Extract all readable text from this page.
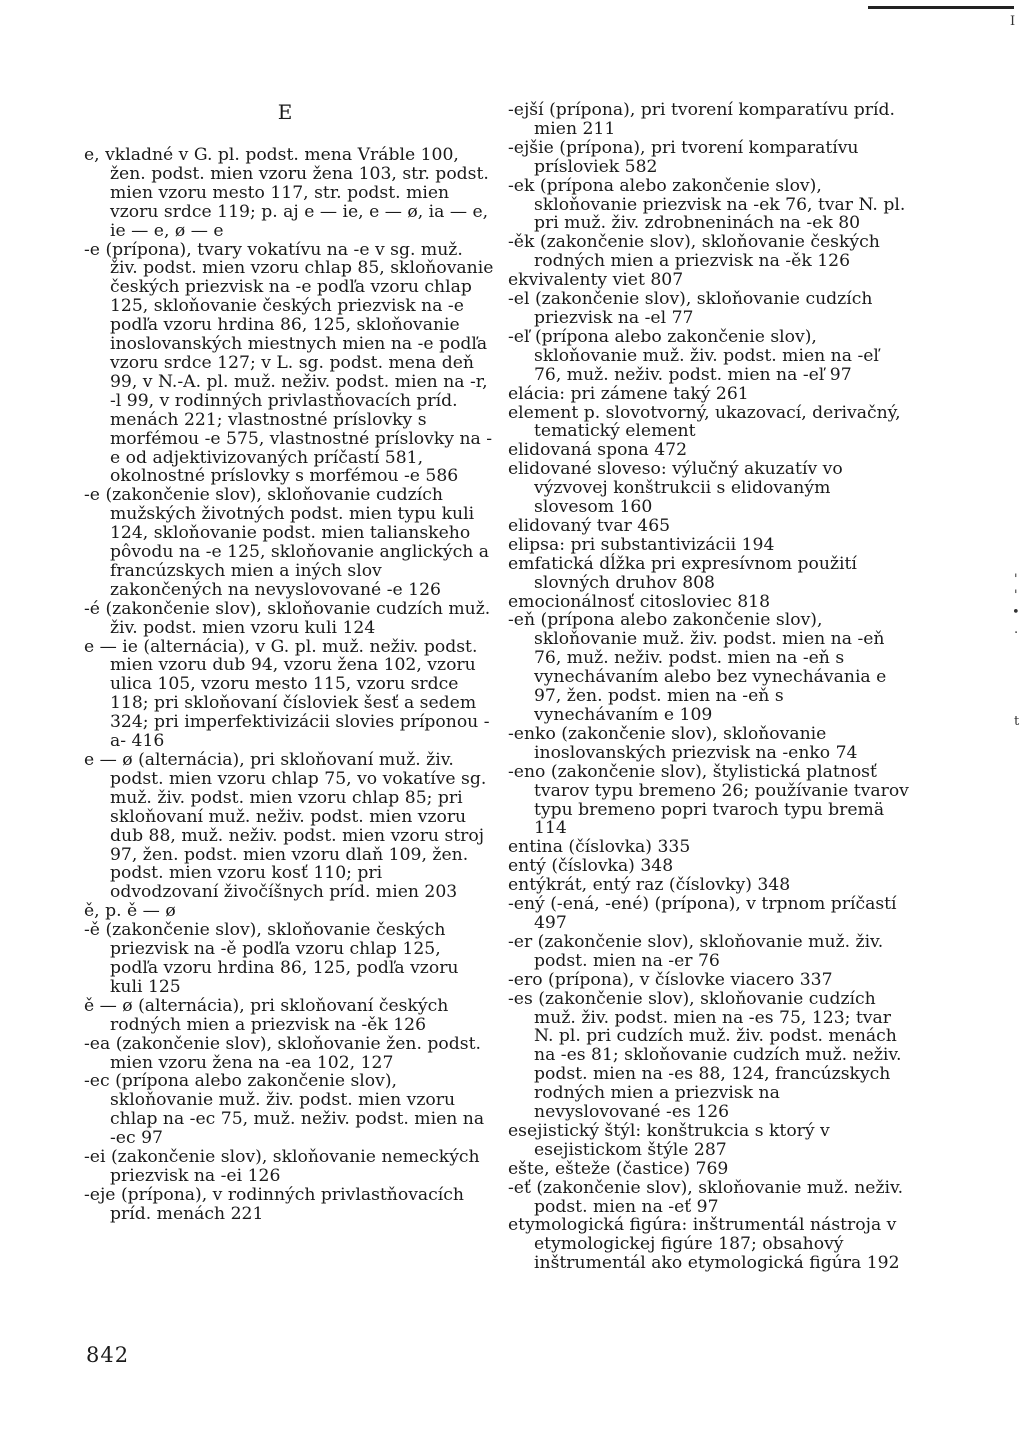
I
'
'
•
.
t
E

e, vkladné v G. pl. podst. mena Vráble 100, žen. podst. mien vzoru žena 103, str. podst. mien vzoru mesto 117, str. podst. mien vzoru srdce 119; p. aj e — ie, e — ø, ia — e, ie — e, ø — e

-e (prípona), tvary vokatívu na -e v sg. muž. živ. podst. mien vzoru chlap 85, skloňovanie českých priezvisk na -e podľa vzoru chlap 125, skloňovanie českých priezvisk na -e podľa vzoru hrdina 86, 125, skloňovanie inoslovanských miestnych mien na -e podľa vzoru srdce 127; v L. sg. podst. mena deň 99, v N.-A. pl. muž. neživ. podst. mien na -r, -l 99, v rodinných privlastňovacích príd. menách 221; vlastnostné príslovky s morfémou -e 575, vlastnostné príslovky na -e od adjektivizovaných príčastí 581, okolnostné príslovky s morfémou -e 586

-e (zakončenie slov), skloňovanie cudzích mužských životných podst. mien typu kuli 124, skloňovanie podst. mien talianskeho pôvodu na -e 125, skloňovanie anglických a francúzskych mien a iných slov zakončených na nevyslovované -e 126

-é (zakončenie slov), skloňovanie cudzích muž. živ. podst. mien vzoru kuli 124

e — ie (alternácia), v G. pl. muž. neživ. podst. mien vzoru dub 94, vzoru žena 102, vzoru ulica 105, vzoru mesto 115, vzoru srdce 118; pri skloňovaní čísloviek šesť a sedem 324; pri imperfektivizácii slovies príponou -a- 416

e — ø (alternácia), pri skloňovaní muž. živ. podst. mien vzoru chlap 75, vo vokatíve sg. muž. živ. podst. mien vzoru chlap 85; pri skloňovaní muž. neživ. podst. mien vzoru dub 88, muž. neživ. podst. mien vzoru stroj 97, žen. podst. mien vzoru dlaň 109, žen. podst. mien vzoru kosť 110; pri odvodzovaní živočíšnych príd. mien 203

ě, p. ě — ø

-ě (zakončenie slov), skloňovanie českých priezvisk na -ě podľa vzoru chlap 125, podľa vzoru hrdina 86, 125, podľa vzoru kuli 125

ě — ø (alternácia), pri skloňovaní českých rodných mien a priezvisk na -ěk 126

-ea (zakončenie slov), skloňovanie žen. podst. mien vzoru žena na -ea 102, 127

-ec (prípona alebo zakončenie slov), skloňovanie muž. živ. podst. mien vzoru chlap na -ec 75, muž. neživ. podst. mien na -ec 97

-ei (zakončenie slov), skloňovanie nemeckých priezvisk na -ei 126

-eje (prípona), v rodinných privlastňovacích príd. menách 221

-ejší (prípona), pri tvorení komparatívu príd. mien 211

-ejšie (prípona), pri tvorení komparatívu prísloviek 582

-ek (prípona alebo zakončenie slov), skloňovanie priezvisk na -ek 76, tvar N. pl. pri muž. živ. zdrobneninách na -ek 80

-ěk (zakončenie slov), skloňovanie českých rodných mien a priezvisk na -ěk 126

ekvivalenty viet 807

-el (zakončenie slov), skloňovanie cudzích priezvisk na -el 77

-eľ (prípona alebo zakončenie slov), skloňovanie muž. živ. podst. mien na -eľ 76, muž. neživ. podst. mien na -eľ 97

elácia: pri zámene taký 261

element p. slovotvorný, ukazovací, derivačný, tematický element

elidovaná spona 472

elidované sloveso: výlučný akuzatív vo výzvovej konštrukcii s elidovaným slovesom 160

elidovaný tvar 465

elipsa: pri substantivizácii 194

emfatická dĺžka pri expresívnom použití slovných druhov 808

emocionálnosť citosloviec 818

-eň (prípona alebo zakončenie slov), skloňovanie muž. živ. podst. mien na -eň 76, muž. neživ. podst. mien na -eň s vynechávaním alebo bez vynechávania e 97, žen. podst. mien na -eň s vynechávaním e 109

-enko (zakončenie slov), skloňovanie inoslovanských priezvisk na -enko 74

-eno (zakončenie slov), štylistická platnosť tvarov typu bremeno 26; používanie tvarov typu bremeno popri tvaroch typu bremä 114

entina (číslovka) 335

entý (číslovka) 348

entýkrát, entý raz (číslovky) 348

-ený (-ená, -ené) (prípona), v trpnom príčastí 497

-er (zakončenie slov), skloňovanie muž. živ. podst. mien na -er 76

-ero (prípona), v číslovke viacero 337

-es (zakončenie slov), skloňovanie cudzích muž. živ. podst. mien na -es 75, 123; tvar N. pl. pri cudzích muž. živ. podst. menách na -es 81; skloňovanie cudzích muž. neživ. podst. mien na -es 88, 124, francúzskych rodných mien a priezvisk na nevyslovované -es 126

esejistický štýl: konštrukcia s ktorý v esejistickom štýle 287

ešte, ešteže (častice) 769

-eť (zakončenie slov), skloňovanie muž. neživ. podst. mien na -eť 97

etymologická figúra: inštrumentál nástroja v etymologickej figúre 187; obsahový inštrumentál ako etymologická figúra 192

842
